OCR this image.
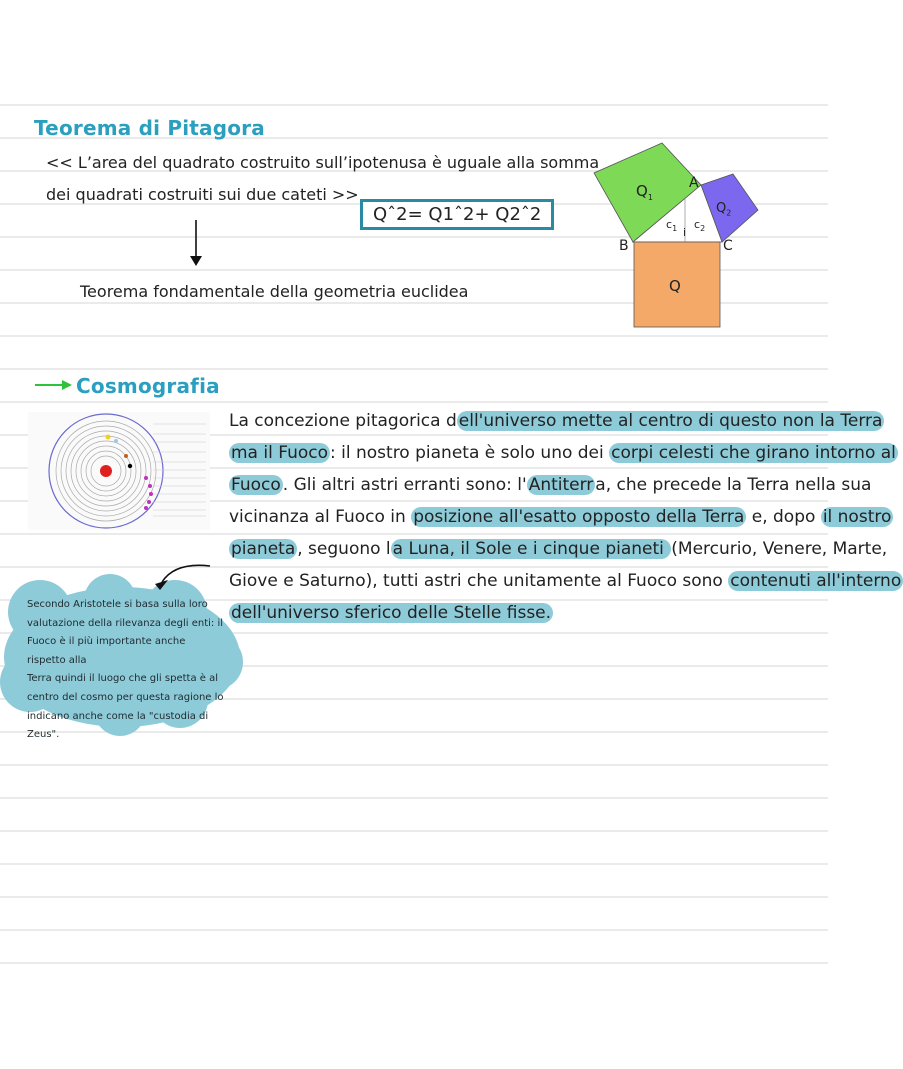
Teorema di Pitagora
<< L’area del quadrato costruito sull’ipotenusa è uguale alla somma
dei quadrati costruiti sui due cateti >>
Qˆ2= Q1ˆ2+ Q2ˆ2
Teorema fondamentale della geometria euclidea
$Q_1$
$Q_2$
Q
A
B	C
$c_1$ $c_2$
i
Cosmografia
La concezione pitagorica d ell'universo mette al centro di questo non la Terra
ma il Fuoco : il nostro pianeta è solo uno dei corpi celesti che girano intorno al
Fuoco . Gli altri astri erranti sono: l' Antiterr a, che precede la Terra nella sua
vicinanza al Fuoco in posizione all'esatto opposto della Terra e, dopo il nostro
pianeta , seguono l a Luna, il Sole e i cinque pianeti (Mercurio, Venere, Marte,
Giove e Saturno), tutti astri che unitamente al Fuoco sono contenuti all'interno
dell'universo sferico delle Stelle fisse.
Secondo Aristotele si basa sulla loro
valutazione della rilevanza degli enti: il
Fuoco è il più importante anche rispetto alla
Terra quindi il luogo che gli spetta è al
centro del cosmo per questa ragione lo
indicano anche come la "custodia di Zeus".
